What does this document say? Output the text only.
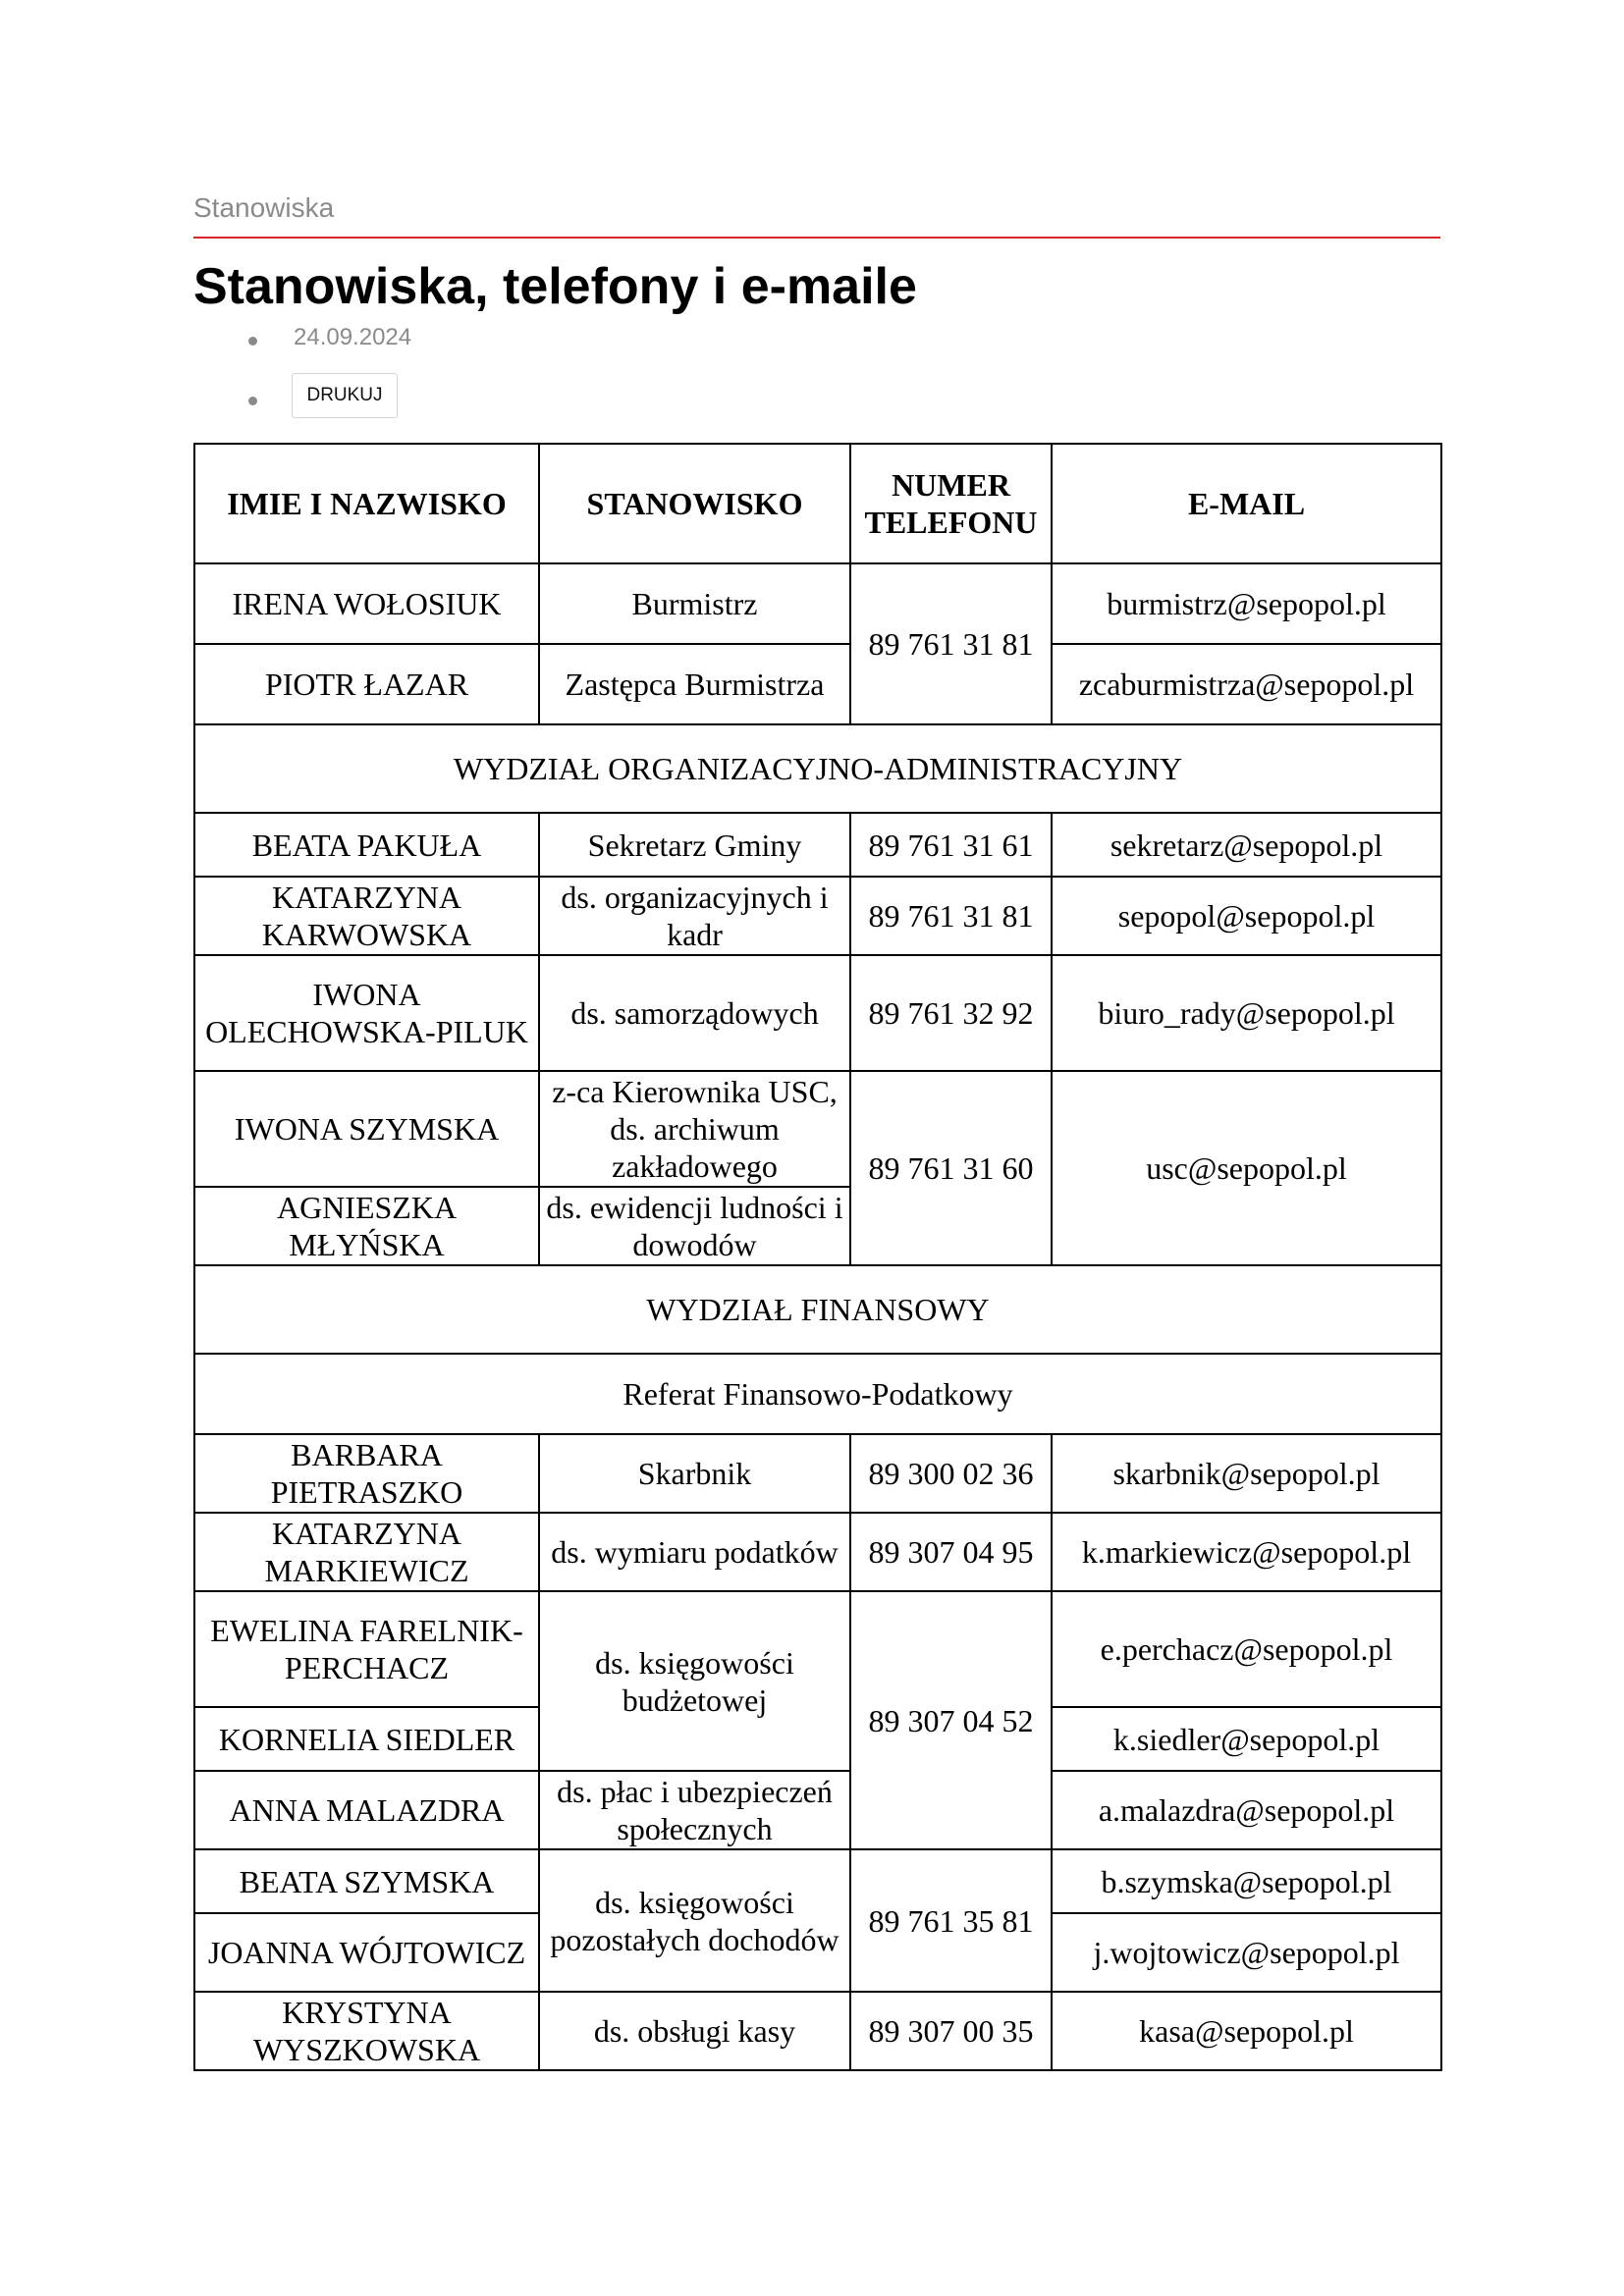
Stanowiska
Stanowiska, telefony i e-maile
24.09.2024
DRUKUJ
IMIE I NAZWISKO	STANOWISKO	NUMER TELEFONU	E-MAIL
IRENA WOŁOSIUK	Burmistrz	89 761 31 81	burmistrz@sepopol.pl
PIOTR ŁAZAR	Zastępca Burmistrza		zcaburmistrza@sepopol.pl
WYDZIAŁ ORGANIZACYJNO-ADMINISTRACYJNY			
BEATA PAKUŁA	Sekretarz Gminy	89 761 31 61	sekretarz@sepopol.pl
KATARZYNA KARWOWSKA	ds. organizacyjnych i kadr	89 761 31 81	sepopol@sepopol.pl
IWONA OLECHOWSKA-PILUK	ds. samorządowych	89 761 32 92	biuro_rady@sepopol.pl
IWONA SZYMSKA	z-ca Kierownika USC, ds. archiwum zakładowego	89 761 31 60	usc@sepopol.pl
AGNIESZKA MŁYŃSKA	ds. ewidencji ludności i dowodów		
WYDZIAŁ FINANSOWY			
Referat Finansowo-Podatkowy			
BARBARA PIETRASZKO	Skarbnik	89 300 02 36	skarbnik@sepopol.pl
KATARZYNA MARKIEWICZ	ds. wymiaru podatków	89 307 04 95	k.markiewicz@sepopol.pl
EWELINA FARELNIK-PERCHACZ	ds. księgowości budżetowej	89 307 04 52	e.perchacz@sepopol.pl
KORNELIA SIEDLER			k.siedler@sepopol.pl
ANNA MALAZDRA	ds. płac i ubezpieczeń społecznych		a.malazdra@sepopol.pl
BEATA SZYMSKA	ds. księgowości pozostałych dochodów	89 761 35 81	b.szymska@sepopol.pl
JOANNA WÓJTOWICZ			j.wojtowicz@sepopol.pl
KRYSTYNA WYSZKOWSKA	ds. obsługi kasy	89 307 00 35	kasa@sepopol.pl
